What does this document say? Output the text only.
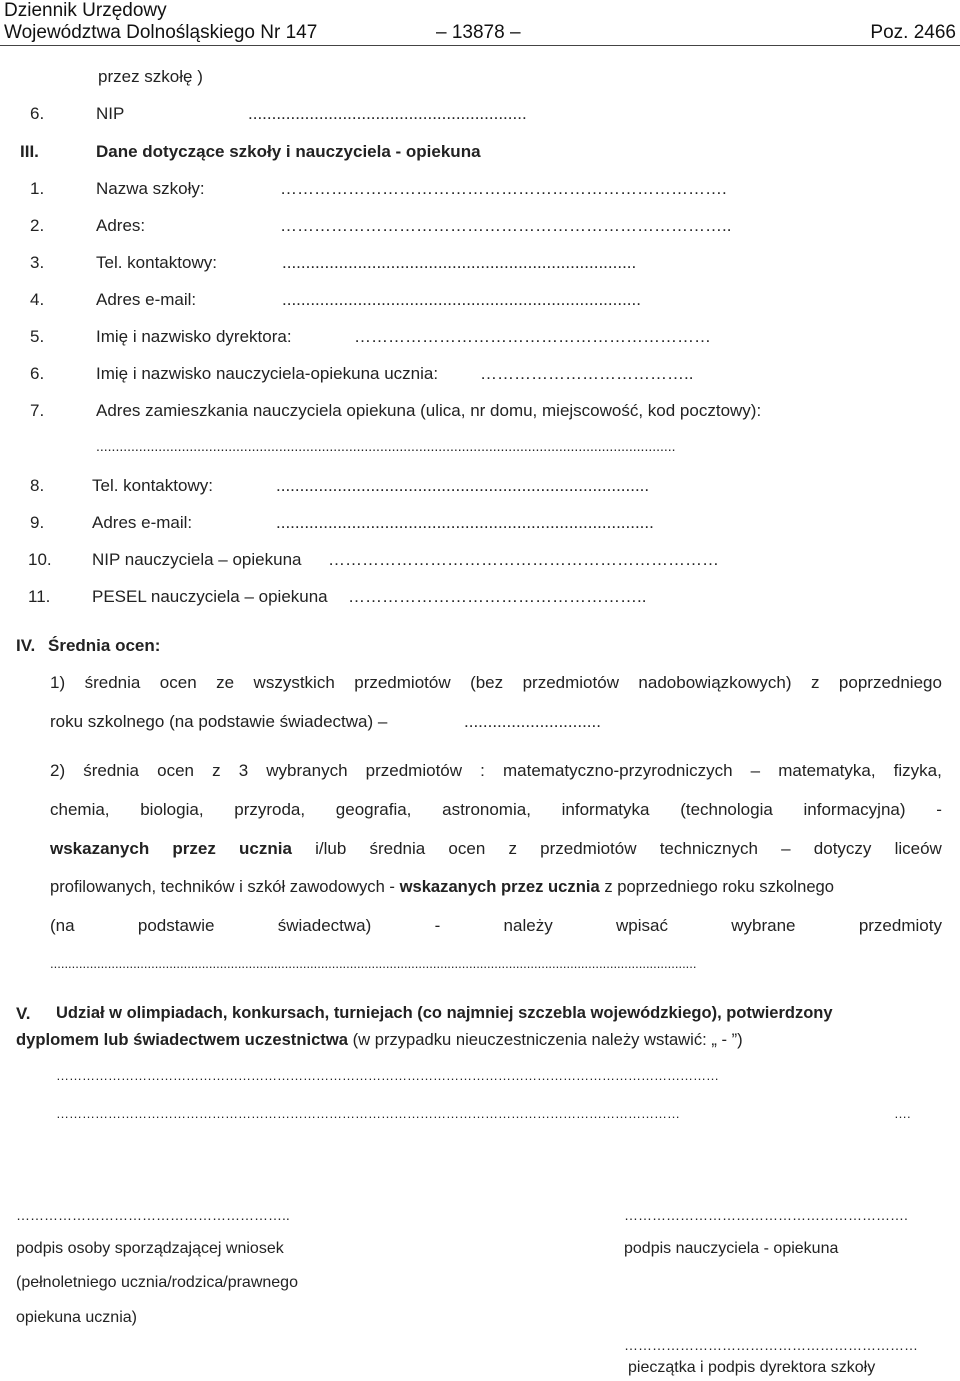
Dziennik Urzędowy
Województwa Dolnośląskiego Nr 147	– 13878 –	Poz. 2466
przez szkołę )
6.	NIP	...........................................................
III.	Dane dotyczące szkoły i nauczyciela - opiekuna
1.	Nazwa szkoły:	…………………………………………………………………….
2.	Adres:	……………………………………………………………………..
3.	Tel. kontaktowy:	...........................................................................
4.	Adres e-mail:	............................................................................
5.	Imię i nazwisko dyrektora:	………………………………………………………
6.	Imię i nazwisko nauczyciela-opiekuna ucznia: ………………………………..
7.	Adres zamieszkania nauczyciela opiekuna (ulica, nr domu, miejscowość, kod pocztowy):
.....................................................................................................................................................
8.	Tel. kontaktowy:	...............................................................................
9.	Adres e-mail:	................................................................................
10. NIP nauczyciela – opiekuna ……………………………………………………………
11. PESEL nauczyciela – opiekuna ……………………………………………..
IV. Średnia ocen:
1) średnia ocen ze wszystkich przedmiotów (bez przedmiotów nadobowiązkowych) z poprzedniego
roku szkolnego (na podstawie świadectwa) –	.............................
2) średnia ocen z 3 wybranych przedmiotów : matematyczno-przyrodniczych – matematyka, fizyka,
chemia, biologia, przyroda, geografia, astronomia, informatyka (technologia informacyjna) -
wskazanych przez ucznia i/lub średnia ocen z przedmiotów technicznych – dotyczy liceów
profilowanych, techników i szkół zawodowych - wskazanych przez ucznia z poprzedniego roku szkolnego
(na	podstawie	świadectwa)	-	należy	wpisać	wybrane	przedmioty
...................................................................................................................................................................................
V. Udział w olimpiadach, konkursach, turniejach (co najmniej szczebla wojewódzkiego), potwierdzony
dyplomem lub świadectwem uczestnictwa (w przypadku nieuczestniczenia należy wstawić: „ - ”)
………………………………………………………………………………………………………………………………………
………………………………………………………………………………………………………………………………	….
…………………………………………………..
podpis osoby sporządzającej wniosek
(pełnoletniego ucznia/rodzica/prawnego
opiekuna ucznia)
…………………………………………………….
podpis nauczyciela - opiekuna
………………………………………………………
pieczątka i podpis dyrektora szkoły
